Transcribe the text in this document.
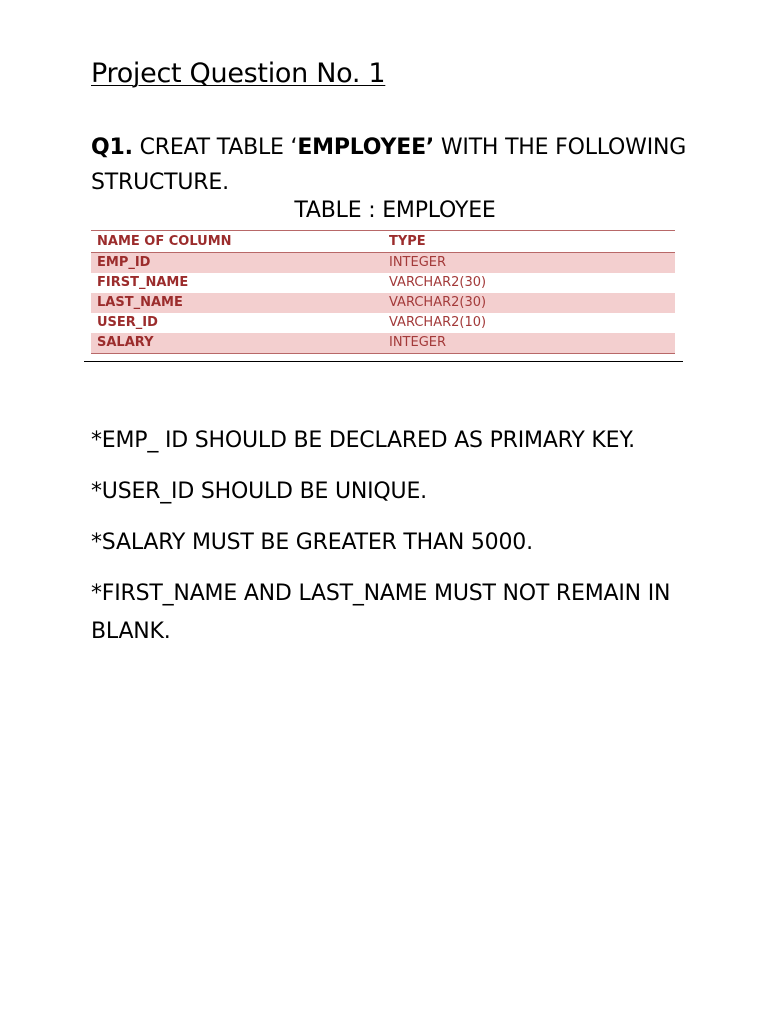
Project Question No. 1
Q1. CREAT TABLE ‘EMPLOYEE’ WITH THE FOLLOWING STRUCTURE.
TABLE : EMPLOYEE
NAME OF COLUMN	TYPE
EMP_ID	INTEGER
FIRST_NAME	VARCHAR2(30)
LAST_NAME	VARCHAR2(30)
USER_ID	VARCHAR2(10)
SALARY	INTEGER

*EMP_ ID SHOULD BE DECLARED AS PRIMARY KEY.

*USER_ID SHOULD BE UNIQUE.

*SALARY MUST BE GREATER THAN 5000.

*FIRST_NAME AND LAST_NAME MUST NOT REMAIN IN BLANK.
